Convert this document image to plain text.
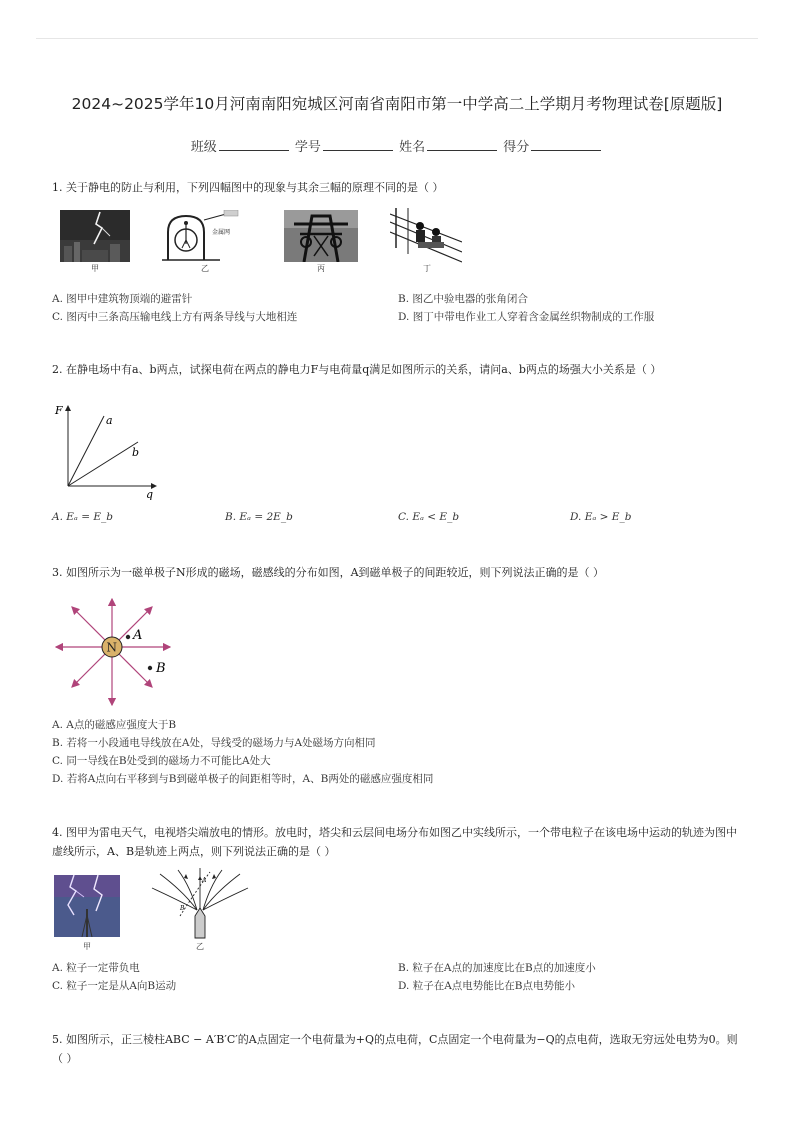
2024~2025学年10月河南南阳宛城区河南省南阳市第一中学高二上学期月考物理试卷[原题版]
班级	学号	姓名	得分
1. 关于静电的防止与利用，下列四幅图中的现象与其余三幅的原理不同的是（ ）
甲
金属网
乙	丙	丁
A. 图甲中建筑物顶端的避雷针	B. 图乙中验电器的张角闭合
C. 图丙中三条高压输电线上方有两条导线与大地相连	D. 图丁中带电作业工人穿着含金属丝织物制成的工作服
2. 在静电场中有a、b两点，试探电荷在两点的静电力F与电荷量q满足如图所示的关系，请问a、b两点的场强大小关系是（ ）
F
q
a
b
A. Eₐ = E_b	B. Eₐ = 2E_b	C. Eₐ < E_b	D. Eₐ > E_b
3. 如图所示为一磁单极子N形成的磁场，磁感线的分布如图，A到磁单极子的间距较近，则下列说法正确的是（ ）
N
A
B
A. A点的磁感应强度大于B
B. 若将一小段通电导线放在A处，导线受的磁场力与A处磁场方向相同
C. 同一导线在B处受到的磁场力不可能比A处大
D. 若将A点向右平移到与B到磁单极子的间距相等时，A、B两处的磁感应强度相同
4. 图甲为雷电天气，电视塔尖端放电的情形。放电时，塔尖和云层间电场分布如图乙中实线所示，一个带电粒子在该电场中运动的轨迹为图中虚线所示，A、B是轨迹上两点，则下列说法正确的是（ ）
甲
A
B
乙
A. 粒子一定带负电	B. 粒子在A点的加速度比在B点的加速度小
C. 粒子一定是从A向B运动	D. 粒子在A点电势能比在B点电势能小
5. 如图所示，正三棱柱ABC − A′B′C′的A点固定一个电荷量为+Q的点电荷，C点固定一个电荷量为−Q的点电荷，选取无穷远处电势为0。则（ ）
